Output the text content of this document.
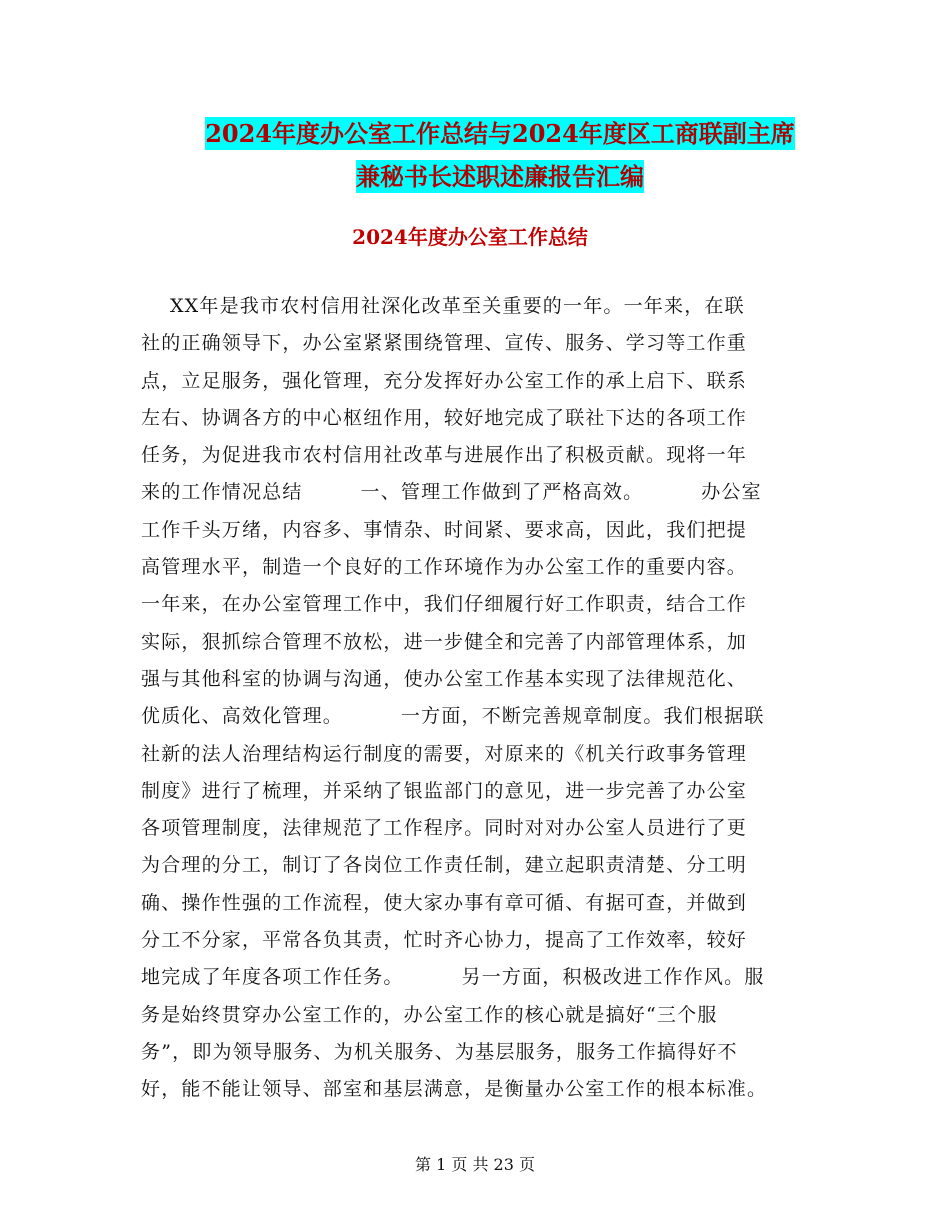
2024年度办公室工作总结与2024年度区工商联副主席
兼秘书长述职述廉报告汇编
2024年度办公室工作总结
XX年是我市农村信用社深化改革至关重要的一年。一年来，在联
社的正确领导下，办公室紧紧围绕管理、宣传、服务、学习等工作重
点，立足服务，强化管理，充分发挥好办公室工作的承上启下、联系
左右、协调各方的中心枢纽作用，较好地完成了联社下达的各项工作
任务，为促进我市农村信用社改革与进展作出了积极贡献。现将一年
来的工作情况总结        一、管理工作做到了严格高效。        办公室
工作千头万绪，内容多、事情杂、时间紧、要求高，因此，我们把提
高管理水平，制造一个良好的工作环境作为办公室工作的重要内容。
一年来，在办公室管理工作中，我们仔细履行好工作职责，结合工作
实际，狠抓综合管理不放松，进一步健全和完善了内部管理体系，加
强与其他科室的协调与沟通，使办公室工作基本实现了法律规范化、
优质化、高效化管理。        一方面，不断完善规章制度。我们根据联
社新的法人治理结构运行制度的需要，对原来的《机关行政事务管理
制度》进行了梳理，并采纳了银监部门的意见，进一步完善了办公室
各项管理制度，法律规范了工作程序。同时对对办公室人员进行了更
为合理的分工，制订了各岗位工作责任制，建立起职责清楚、分工明
确、操作性强的工作流程，使大家办事有章可循、有据可查，并做到
分工不分家，平常各负其责，忙时齐心协力，提高了工作效率，较好
地完成了年度各项工作任务。        另一方面，积极改进工作作风。服
务是始终贯穿办公室工作的，办公室工作的核心就是搞好“三个服
务”，即为领导服务、为机关服务、为基层服务，服务工作搞得好不
好，能不能让领导、部室和基层满意，是衡量办公室工作的根本标准。
第 1 页 共 23 页
